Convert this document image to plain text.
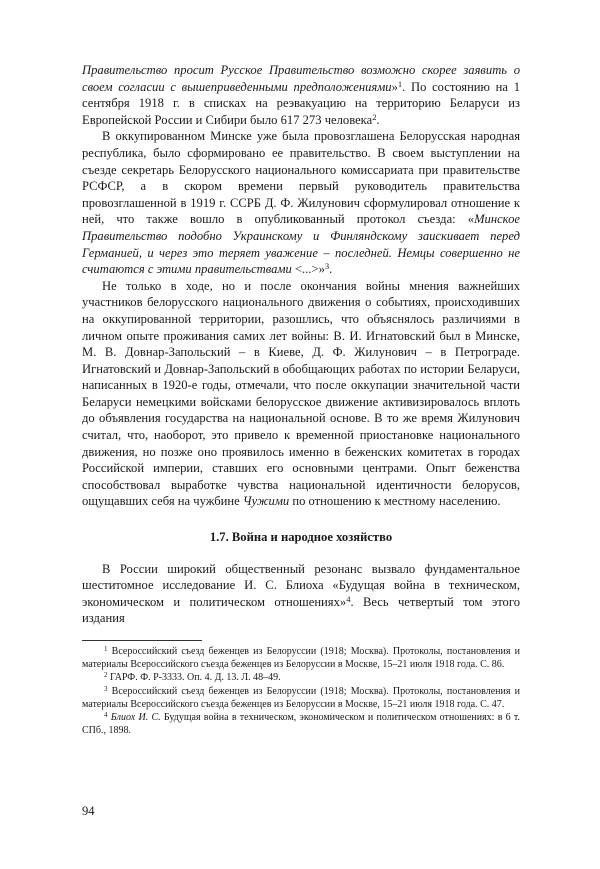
Правительство просит Русское Правительство возможно скорее заявить о своем согласии с вышеприведенными предположениями»$^1$. По состоянию на 1 сентября 1918 г. в списках на реэвакуацию на территорию Беларуси из Европейской России и Сибири было 617 273 человека$^2$.

В оккупированном Минске уже была провозглашена Белорусская народная республика, было сформировано ее правительство. В своем выступлении на съезде секретарь Белорусского национального комиссариата при правительстве РСФСР, а в скором времени первый руководитель правительства провозглашенной в 1919 г. ССРБ Д. Ф. Жилунович сформулировал отношение к ней, что также вошло в опубликованный протокол съезда: «Минское Правительство подобно Украинскому и Финляндскому заискивает перед Германией, и через это теряет уважение – последней. Немцы совершенно не считаются с этими правительствами <...>»$^3$.

Не только в ходе, но и после окончания войны мнения важнейших участников белорусского национального движения о событиях, происходивших на оккупированной территории, разошлись, что объяснялось различиями в личном опыте проживания самих лет войны: В. И. Игнатовский был в Минске, М. В. Довнар-Запольский – в Киеве, Д. Ф. Жилунович – в Петрограде. Игнатовский и Довнар-Запольский в обобщающих работах по истории Беларуси, написанных в 1920-е годы, отмечали, что после оккупации значительной части Беларуси немецкими войсками белорусское движение активизировалось вплоть до объявления государства на национальной основе. В то же время Жилунович считал, что, наоборот, это привело к временной приостановке национального движения, но позже оно проявилось именно в беженских комитетах в городах Российской империи, ставших его основными центрами. Опыт беженства способствовал выработке чувства национальной идентичности белорусов, ощущавших себя на чужбине Чужими по отношению к местному населению.

1.7. Война и народное хозяйство

В России широкий общественный резонанс вызвало фундаментальное шеститомное исследование И. С. Блиоха «Будущая война в техническом, экономическом и политическом отношениях»$^4$. Весь четвертый том этого издания

$^1$ Всероссийский съезд беженцев из Белоруссии (1918; Москва). Протоколы, постановления и материалы Всероссийского съезда беженцев из Белоруссии в Москве, 15–21 июля 1918 года. С. 86.

$^2$ ГАРФ. Ф. Р-3333. Оп. 4. Д. 13. Л. 48–49.

$^3$ Всероссийский съезд беженцев из Белоруссии (1918; Москва). Протоколы, постановления и материалы Всероссийского съезда беженцев из Белоруссии в Москве, 15–21 июля 1918 года. С. 47.

$^4$ Блиох И. С. Будущая война в техническом, экономическом и политическом отношениях: в 6 т. СПб., 1898.

94
